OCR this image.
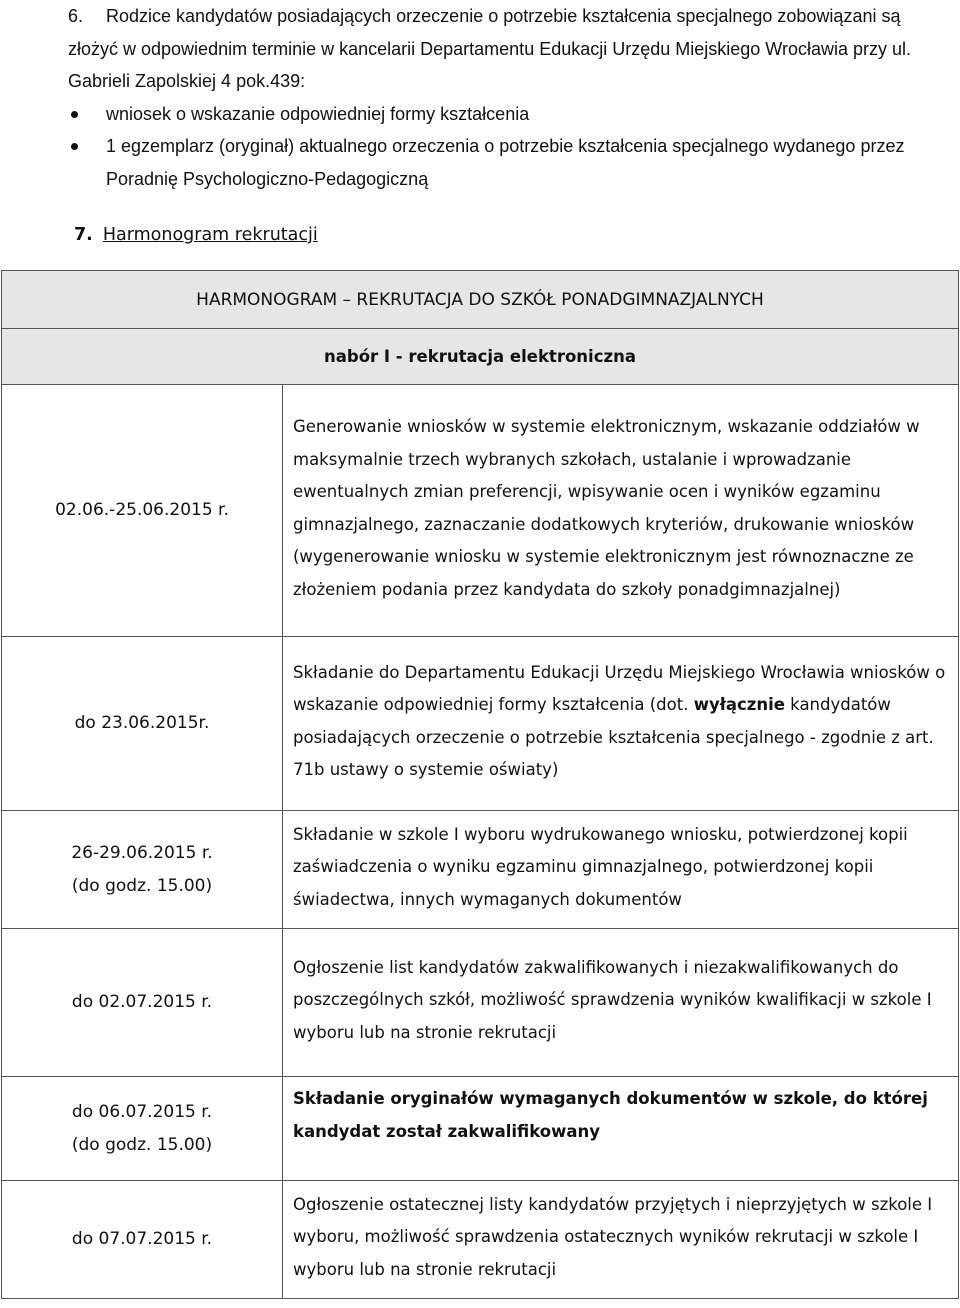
6. Rodzice kandydatów posiadających orzeczenie o potrzebie kształcenia specjalnego zobowiązani są złożyć w odpowiednim terminie w kancelarii Departamentu Edukacji Urzędu Miejskiego Wrocławia przy ul. Gabrieli Zapolskiej 4 pok.439:
wniosek o wskazanie odpowiedniej formy kształcenia
1 egzemplarz (oryginał) aktualnego orzeczenia o potrzebie kształcenia specjalnego wydanego przez Poradnię Psychologiczno-Pedagogiczną
7. Harmonogram rekrutacji
HARMONOGRAM – REKRUTACJA DO SZKÓŁ PONADGIMNAZJALNYCH	
nabór I - rekrutacja elektroniczna	

02.06.-25.06.2015 r.	Generowanie wniosków w systemie elektronicznym, wskazanie oddziałów w maksymalnie trzech wybranych szkołach, ustalanie i wprowadzanie ewentualnych zmian preferencji, wpisywanie ocen i wyników egzaminu gimnazjalnego, zaznaczanie dodatkowych kryteriów, drukowanie wniosków (wygenerowanie wniosku w systemie elektronicznym jest równoznaczne ze złożeniem podania przez kandydata do szkoły ponadgimnazjalnej)

do 23.06.2015r.	Składanie do Departamentu Edukacji Urzędu Miejskiego Wrocławia wniosków o wskazanie odpowiedniej formy kształcenia (dot. wyłącznie kandydatów posiadających orzeczenie o potrzebie kształcenia specjalnego - zgodnie z art. 71b ustawy o systemie oświaty)

26-29.06.2015 r.
(do godz. 15.00)	Składanie w szkole I wyboru wydrukowanego wniosku, potwierdzonej kopii zaświadczenia o wyniku egzaminu gimnazjalnego, potwierdzonej kopii świadectwa, innych wymaganych dokumentów

do 02.07.2015 r.	Ogłoszenie list kandydatów zakwalifikowanych i niezakwalifikowanych do poszczególnych szkół, możliwość sprawdzenia wyników kwalifikacji w szkole I wyboru lub na stronie rekrutacji

do 06.07.2015 r.
(do godz. 15.00)	Składanie oryginałów wymaganych dokumentów w szkole, do której kandydat został zakwalifikowany

do 07.07.2015 r.	Ogłoszenie ostatecznej listy kandydatów przyjętych i nieprzyjętych w szkole I wyboru, możliwość sprawdzenia ostatecznych wyników rekrutacji w szkole I wyboru lub na stronie rekrutacji
